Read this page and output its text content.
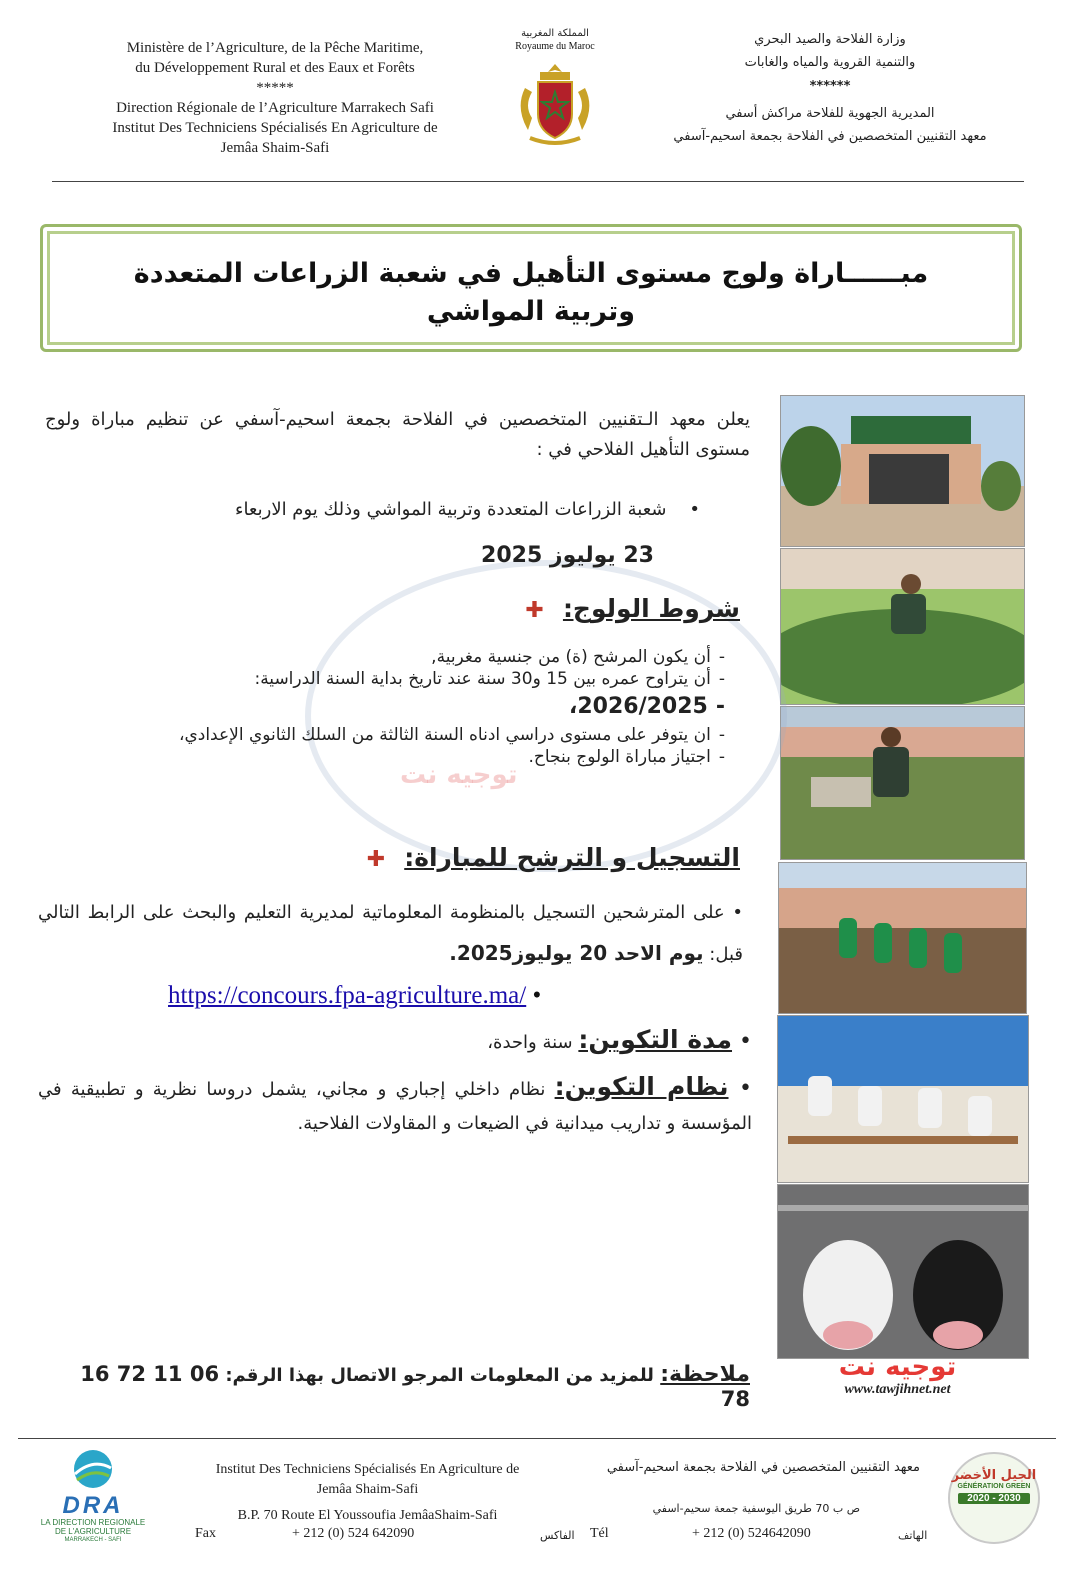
Ministère de l’Agriculture, de la Pêche Maritime,
du Développement Rural et des Eaux et Forêts
*****
Direction Régionale de l’Agriculture Marrakech Safi
Institut Des Techniciens Spécialisés En Agriculture de
Jemâa Shaim-Safi
المملكة المغربية
Royaume du Maroc	وزارة الفلاحة والصيد البحري
والتنمية القروية والمياه والغابات
******
المديرية الجهوية للفلاحة مراكش أسفي
معهد التقنيين المتخصصين في الفلاحة بجمعة اسحيم-آسفي
مبــــــاراة ولوج مستوى التأهيل في شعبة الزراعات المتعددة
وتربية المواشي
توجيه نت
يعلن معهد الـتقنيين المتخصصين في الفلاحة بجمعة اسحيم-آسفي عن تنظيم مباراة ولوج مستوى التأهيل الفلاحي في :
•    شعبة الزراعات المتعددة وتربية المواشي وذلك يوم الاربعاء
23 يوليوز 2025
شروط الولوج: ✚
-أن يكون المرشح (ة) من جنسية مغربية,
-أن يتراوح عمره بين 15 و30 سنة عند تاريخ بداية السنة الدراسية:
-2026/2025،
-ان يتوفر على مستوى دراسي ادناه السنة الثالثة من السلك الثانوي الإعدادي،
-اجتياز مباراة الولوج بنجاح.
التسجيل و الترشح للمباراة: ✚
• على المترشحين التسجيل بالمنظومة المعلوماتية لمديرية التعليم والبحث على الرابط التالي قبل: يوم الاحد 20 يوليوز2025.
https://concours.fpa-agriculture.ma/ •
• مدة التكوين: سنة واحدة،
• نظام التكوين: نظام داخلي إجباري و مجاني، يشمل دروسا نظرية و تطبيقية في المؤسسة و تداريب ميدانية في الضيعات و المقاولات الفلاحية.
ملاحظة: للمزيد من المعلومات المرجو الاتصال بهذا الرقم: 06 11 72 16 78
توجيه نت
www.tawjihnet.net
DRA
LA DIRECTION REGIONALE
DE L'AGRICULTURE
MARRAKECH - SAFI
Institut Des Techniciens Spécialisés En Agriculture de
Jemâa Shaim-Safi
B.P. 70 Route El Youssoufia JemâaShaim-Safi
Fax	+ 212 (0) 524 642090	الفاكس Tél	+ 212 (0) 524642090	الهاتف
معهد التقنيين المتخصصين في الفلاحة بجمعة اسحيم-آسفي
ص ب 70 طريق اليوسفية جمعة سحيم-اسفي
الجيل الأخضر
GÉNÉRATION GREEN
2020 - 2030
